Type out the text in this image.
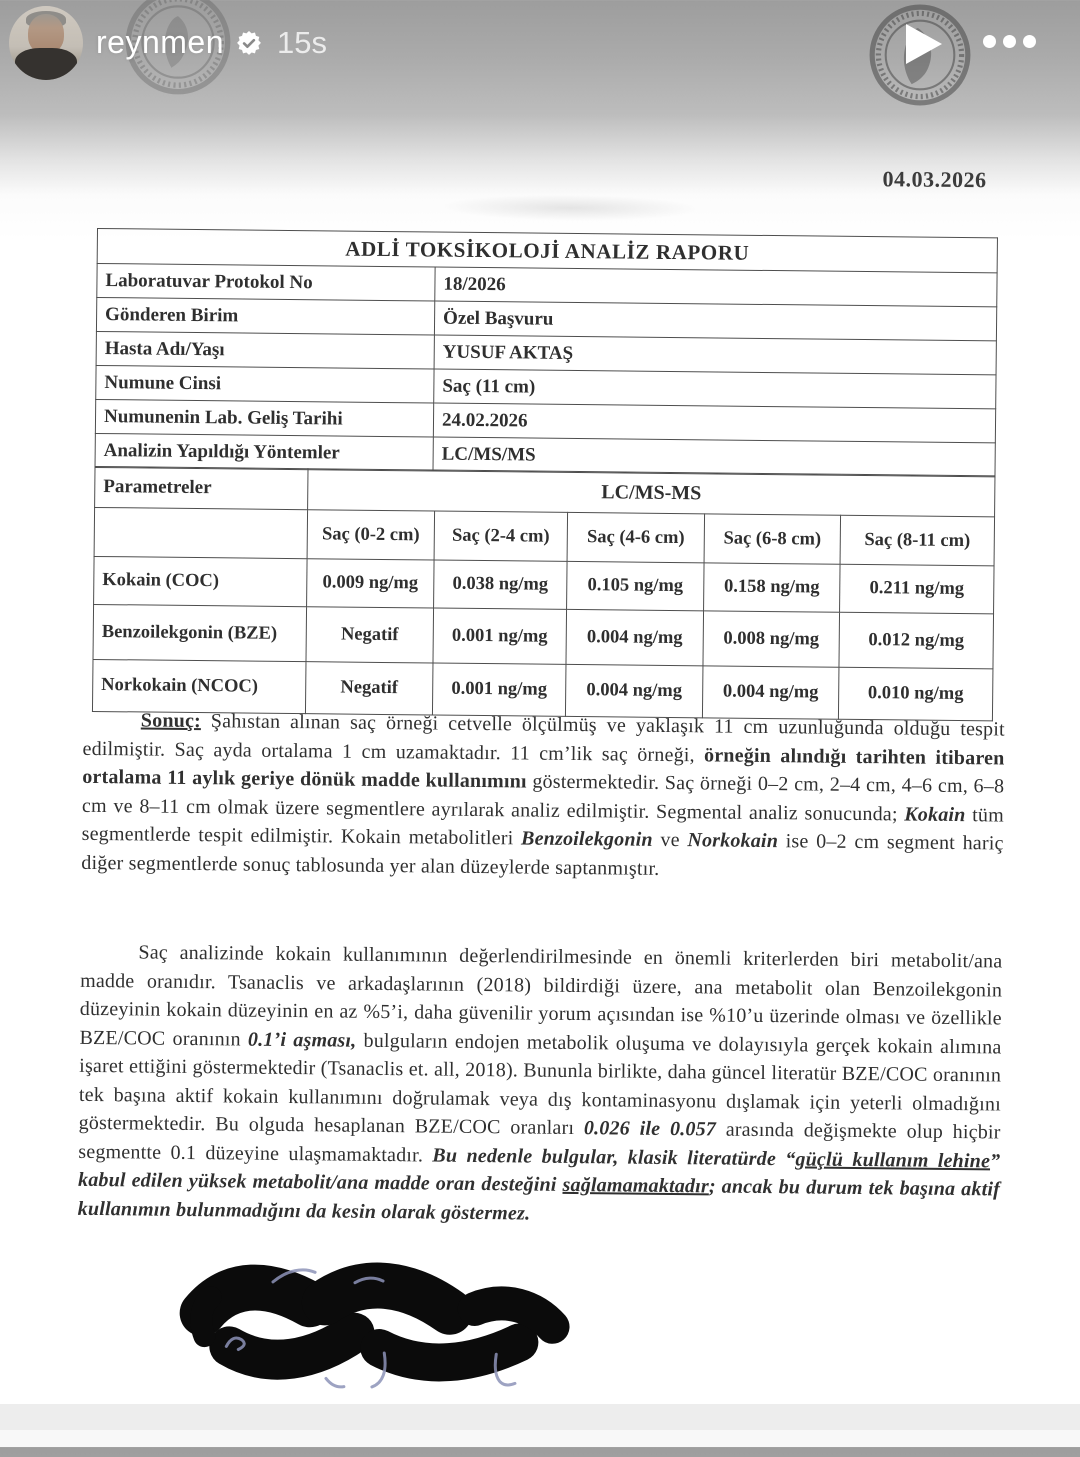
reynmen 15s
04.03.2026
ADLİ TOKSİKOLOJİ ANALİZ RAPORU	
Laboratuvar Protokol No	18/2026
Gönderen Birim	Özel Başvuru
Hasta Adı/Yaşı	YUSUF AKTAŞ
Numune Cinsi	Saç (11 cm)
Numunenin Lab. Geliş Tarihi	24.02.2026
Analizin Yapıldığı Yöntemler	LC/MS/MS
Parametreler	LC/MS-MS				
	Saç (0-2 cm)	Saç (2-4 cm)	Saç (4-6 cm)	Saç (6-8 cm)	Saç (8-11 cm)
Kokain (COC)	0.009 ng/mg	0.038 ng/mg	0.105 ng/mg	0.158 ng/mg	0.211 ng/mg
Benzoilekgonin (BZE)	Negatif	0.001 ng/mg	0.004 ng/mg	0.008 ng/mg	0.012 ng/mg
Norkokain (NCOC)	Negatif	0.001 ng/mg	0.004 ng/mg	0.004 ng/mg	0.010 ng/mg

Sonuç: Şahıstan alınan saç örneği cetvelle ölçülmüş ve yaklaşık 11 cm uzunluğunda olduğu tespit edilmiştir. Saç ayda ortalama 1 cm uzamaktadır. 11 cm’lik saç örneği, örneğin alındığı tarihten itibaren ortalama 11 aylık geriye dönük madde kullanımını göstermektedir. Saç örneği 0–2 cm, 2–4 cm, 4–6 cm, 6–8 cm ve 8–11 cm olmak üzere segmentlere ayrılarak analiz edilmiştir. Segmental analiz sonucunda; Kokain tüm segmentlerde tespit edilmiştir. Kokain metabolitleri Benzoilekgonin ve Norkokain ise 0–2 cm segment hariç diğer segmentlerde sonuç tablosunda yer alan düzeylerde saptanmıştır.

Saç analizinde kokain kullanımının değerlendirilmesinde en önemli kriterlerden biri metabolit/ana madde oranıdır. Tsanaclis ve arkadaşlarının (2018) bildirdiği üzere, ana metabolit olan Benzoilekgonin düzeyinin kokain düzeyinin en az %5’i, daha güvenilir yorum açısından ise %10’u üzerinde olması ve özellikle BZE/COC oranının 0.1’i aşması, bulguların endojen metabolik oluşuma ve dolayısıyla gerçek kokain alımına işaret ettiğini göstermektedir (Tsanaclis et. all, 2018). Bununla birlikte, daha güncel literatür BZE/COC oranının tek başına aktif kokain kullanımını doğrulamak veya dış kontaminasyonu dışlamak için yeterli olmadığını göstermektedir. Bu olguda hesaplanan BZE/COC oranları 0.026 ile 0.057 arasında değişmekte olup hiçbir segmentte 0.1 düzeyine ulaşmamaktadır. Bu nedenle bulgular, klasik literatürde “güçlü kullanım lehine” kabul edilen yüksek metabolit/ana madde oran desteğini sağlamamaktadır; ancak bu durum tek başına aktif kullanımın bulunmadığını da kesin olarak göstermez.
